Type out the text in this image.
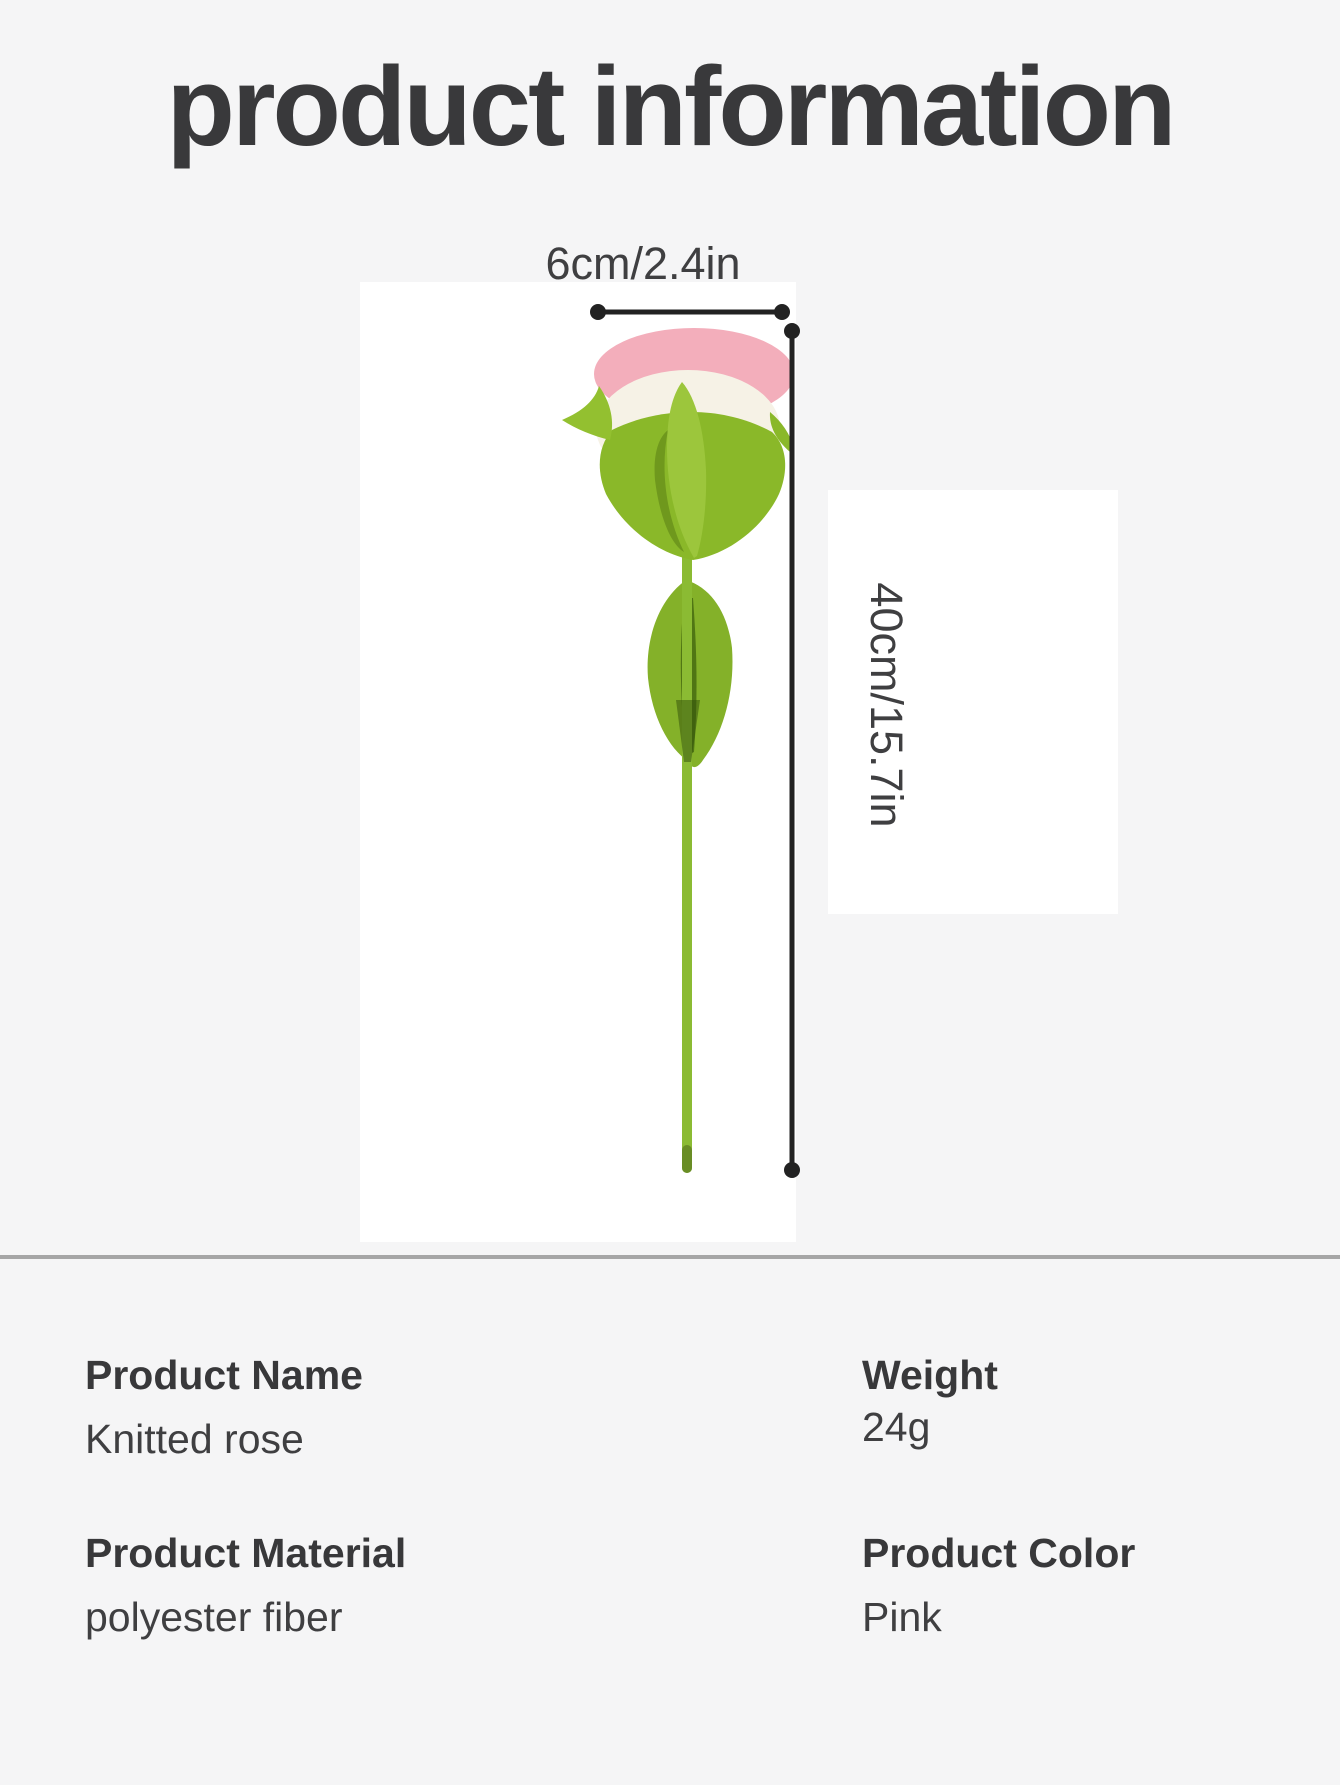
product information
6cm/2.4in
40cm/15.7in
Product Name
Knitted rose
Weight
24g
Product Material
polyester fiber
Product Color
Pink
